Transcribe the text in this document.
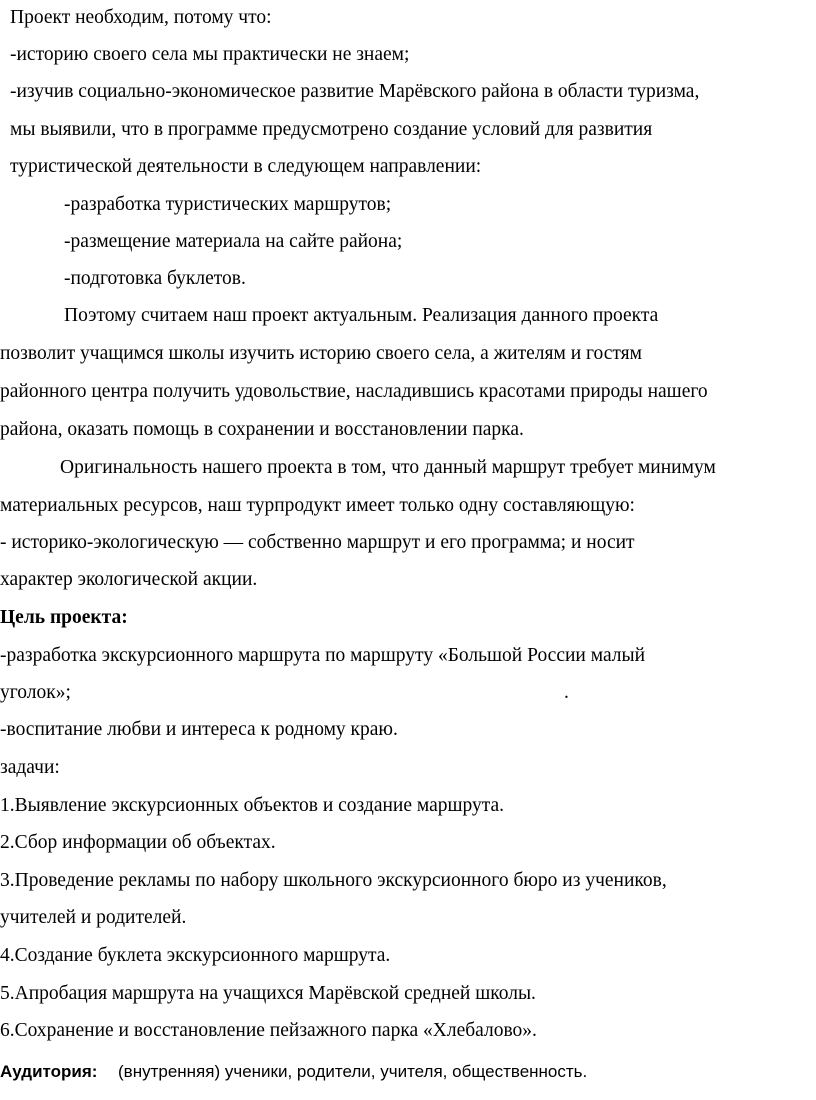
Проект необходим, потому что:

-историю своего села мы практически не знаем;

-изучив социально-экономическое развитие Марёвского района в области туризма,

мы выявили, что в программе предусмотрено создание условий для развития

туристической деятельности в следующем направлении:

-разработка туристических маршрутов;

-размещение материала на сайте района;

-подготовка буклетов.

Поэтому считаем наш проект актуальным. Реализация данного проекта

позволит учащимся школы изучить историю своего села, а жителям и гостям

районного центра получить удовольствие, насладившись красотами природы нашего

района, оказать помощь в сохранении и восстановлении парка.

Оригинальность нашего проекта в том, что данный маршрут требует минимум

материальных ресурсов, наш турпродукт имеет только одну составляющую:

- историко-экологическую — собственно маршрут и его программа; и носит

характер экологической акции.

Цель проекта:

-разработка экскурсионного маршрута по маршруту «Большой России малый

уголок»;	.

-воспитание любви и интереса к родному краю.

задачи:

1.Выявление экскурсионных объектов и создание маршрута.

2.Сбор информации об объектах.

3.Проведение рекламы по набору школьного экскурсионного бюро из учеников,

учителей и родителей.

4.Создание буклета экскурсионного маршрута.

5.Апробация маршрута на учащихся Марёвской средней школы.

6.Сохранение и восстановление пейзажного парка «Хлебалово».

Аудитория: (внутренняя) ученики, родители, учителя, общественность.
